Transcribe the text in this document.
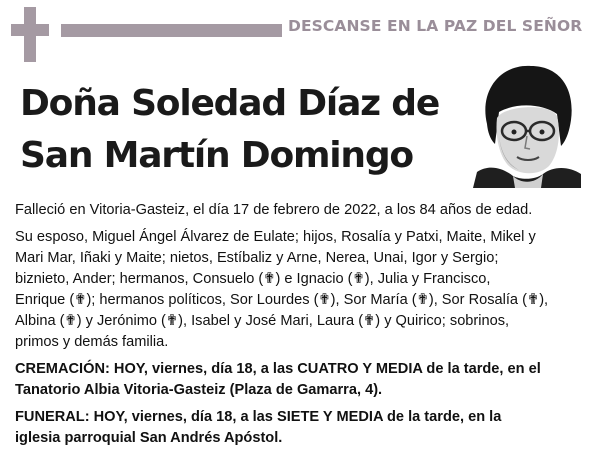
DESCANSE EN LA PAZ DEL SEÑOR
Doña Soledad Díaz de
San Martín Domingo

Falleció en Vitoria-Gasteiz, el día 17 de febrero de 2022, a los 84 años de edad.

Su esposo, Miguel Ángel Álvarez de Eulate; hijos, Rosalía y Patxi, Maite, Mikel y
Mari Mar, Iñaki y Maite; nietos, Estíbaliz y Arne, Nerea, Unai, Igor y Sergio;
biznieto, Ander; hermanos, Consuelo (✟) e Ignacio (✟), Julia y Francisco,
Enrique (✟); hermanos políticos, Sor Lourdes (✟), Sor María (✟), Sor Rosalía (✟),
Albina (✟) y Jerónimo (✟), Isabel y José Mari, Laura (✟) y Quirico; sobrinos,
primos y demás familia.

CREMACIÓN: HOY, viernes, día 18, a las CUATRO Y MEDIA de la tarde, en el
Tanatorio Albia Vitoria-Gasteiz (Plaza de Gamarra, 4).

FUNERAL: HOY, viernes, día 18, a las SIETE Y MEDIA de la tarde, en la
iglesia parroquial San Andrés Apóstol.
